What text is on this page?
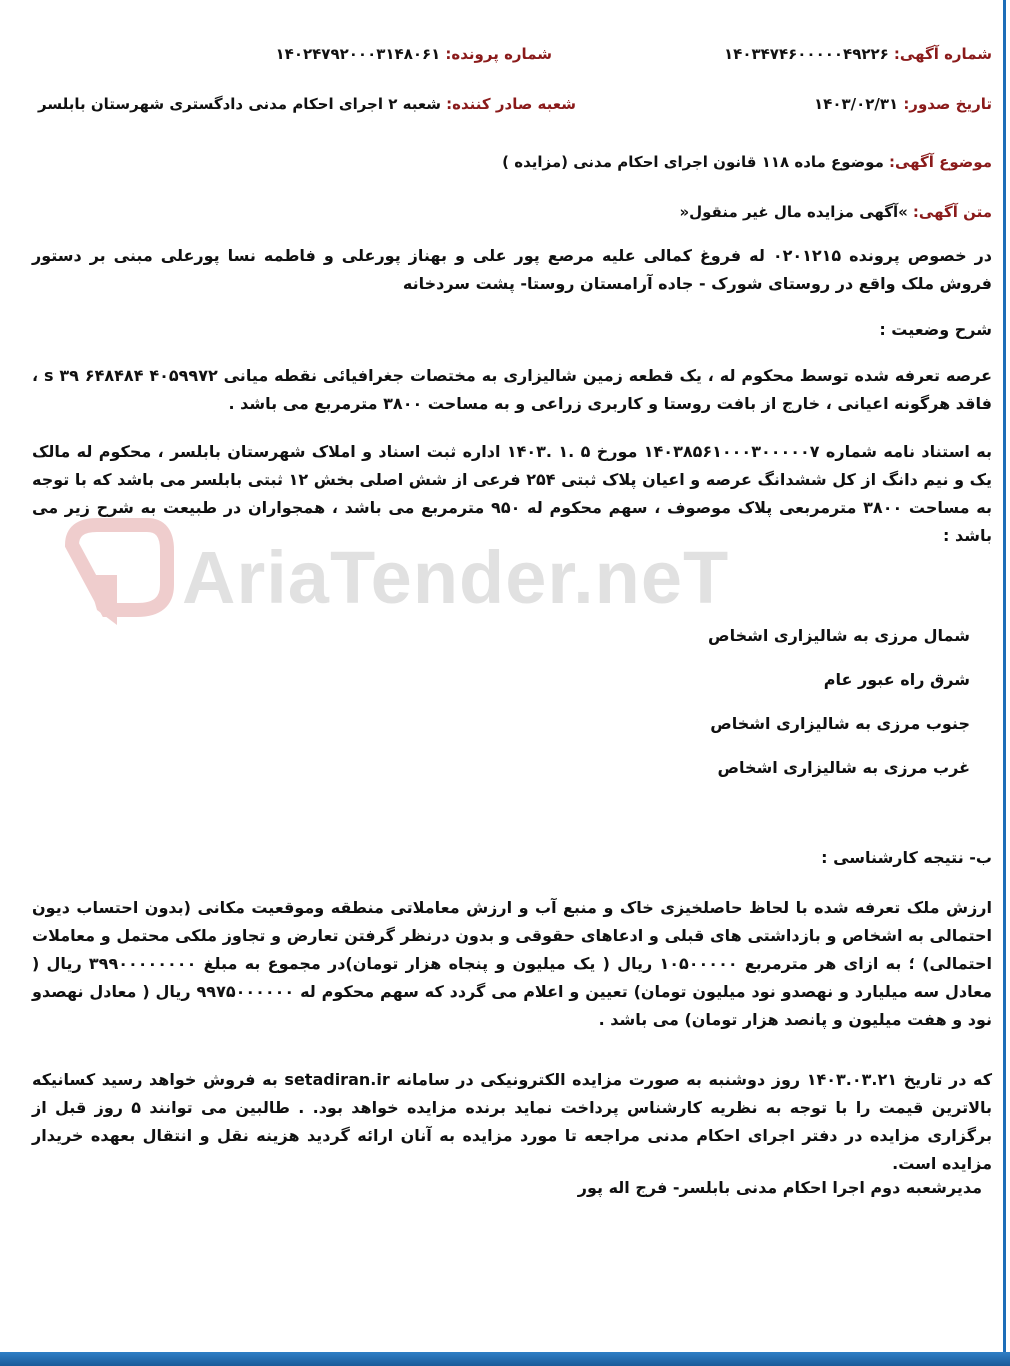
AriaTender.neT
شماره آگهی: ۱۴۰۳۴۷۴۶۰۰۰۰۰۴۹۲۲۶
شماره پرونده: ۱۴۰۲۴۷۹۲۰۰۰۳۱۴۸۰۶۱
تاریخ صدور: ۱۴۰۳/۰۲/۳۱
شعبه صادر کننده: شعبه ۲ اجرای احکام مدنی دادگستری شهرستان بابلسر
موضوع آگهی: موضوع ماده ۱۱۸ قانون اجرای احکام مدنی (مزایده )
متن آگهی: »آگهی مزایده مال غیر منقول«
در خصوص پرونده ۰۲۰۱۲۱۵ له فروغ کمالی علیه مرصع پور علی و بهناز پورعلی و فاطمه نسا پورعلی مبنی بر دستور فروش ملک واقع در روستای شورک - جاده آرامستان روستا- پشت سردخانه
شرح وضعیت :
عرصه تعرفه شده توسط محکوم له ، یک قطعه زمین شالیزاری به مختصات جغرافیائی نقطه میانی ۴۰۵۹۹۷۲ ۶۴۸۴۸۴ s ۳۹ ، فاقد هرگونه اعیانی ، خارج از بافت روستا و کاربری زراعی و به مساحت ۳۸۰۰ مترمربع می باشد .
به استناد نامه شماره ۱۴۰۳۸۵۶۱۰۰۰۳۰۰۰۰۰۷ مورخ ۵ .۱ .۱۴۰۳ اداره ثبت اسناد و املاک شهرستان بابلسر ، محکوم له مالک یک و نیم دانگ از کل ششدانگ عرصه و اعیان پلاک ثبتی ۲۵۴ فرعی از شش اصلی بخش ۱۲ ثبتی بابلسر می باشد که با توجه به مساحت ۳۸۰۰ مترمربعی پلاک موصوف ، سهم محکوم له ۹۵۰ مترمربع می باشد ، همجواران در طبیعت به شرح زیر می باشد :
شمال مرزی به شالیزاری اشخاص
شرق راه عبور عام
جنوب مرزی به شالیزاری اشخاص
غرب مرزی به شالیزاری اشخاص
ب- نتیجه کارشناسی :
ارزش ملک تعرفه شده با لحاظ حاصلخیزی خاک و منبع آب و ارزش معاملاتی منطقه وموقعیت مکانی (بدون احتساب دیون احتمالی به اشخاص و بازداشتی های قبلی و ادعاهای حقوقی و بدون درنظر گرفتن تعارض و تجاوز ملکی محتمل و معاملات احتمالی) ؛ به ازای هر مترمربع ۱۰۵۰۰۰۰۰ ریال ( یک میلیون و پنجاه هزار تومان)در مجموع به مبلغ ۳۹۹۰۰۰۰۰۰۰۰ ریال ( معادل سه میلیارد و نهصدو نود میلیون تومان) تعیین و اعلام می گردد که سهم محکوم له ۹۹۷۵۰۰۰۰۰۰ ریال ( معادل نهصدو نود و هفت میلیون و پانصد هزار تومان) می باشد .
که در تاریخ ۱۴۰۳.۰۳.۲۱ روز دوشنبه به صورت مزایده الکترونیکی در سامانه setadiran.ir به فروش خواهد رسید کسانیکه بالاترین قیمت را با توجه به نظریه کارشناس پرداخت نماید برنده مزایده خواهد بود. . طالبین می توانند ۵ روز قبل از برگزاری مزایده در دفتر اجرای احکام مدنی مراجعه تا مورد مزایده به آنان ارائه گردید هزینه نقل و انتقال بعهده خریدار مزایده است.
مدیرشعبه دوم اجرا احکام مدنی بابلسر- فرج اله پور
